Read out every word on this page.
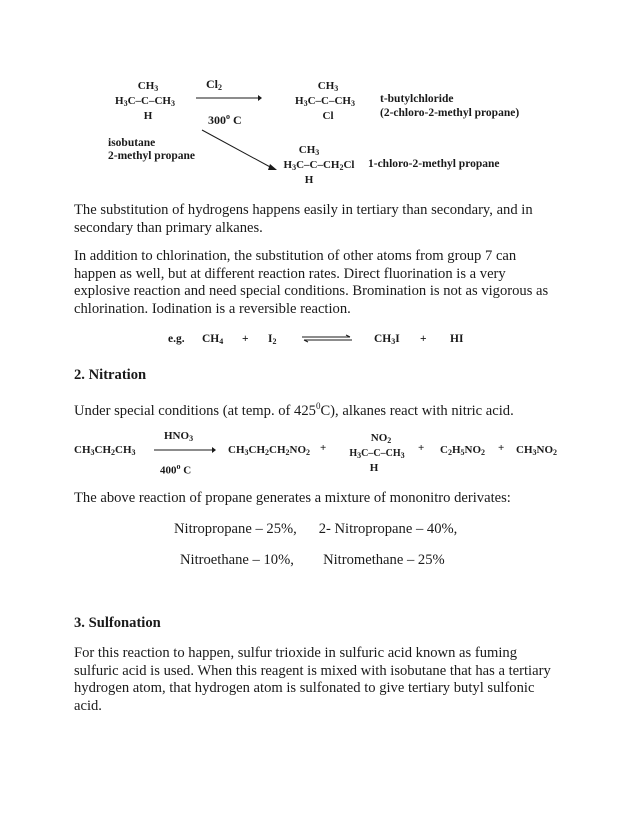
$CH_3$
$H_3C-C-CH_3$
H
isobutane
2-methyl propane
$Cl_2$
300$^o$ C
$CH_3$
$H_3C-C-CH_3$
Cl
t-butylchloride
(2-chloro-2-methyl propane)
$CH_3$
$H_3C-C-CH_2Cl$
H
1-chloro-2-methyl propane
The substitution of hydrogens happens easily in tertiary than secondary, and in secondary than primary alkanes.
In addition to chlorination, the substitution of other atoms from group 7 can happen as well, but at different reaction rates. Direct fluorination is a very explosive reaction and need special conditions. Bromination is not as vigorous as chlorination. Iodination is a reversible reaction.
e.g. $CH_4 + I_2$	$CH_3I$ + HI
2. Nitration
Under special conditions (at temp. of $425^0C$), alkanes react with nitric acid.
$CH_3CH_2CH_3$
$HNO_3$
400$^o$ C
$CH_3CH_2CH_2NO_2$ +
$NO_2$
$H_3C-C-CH_3$
H
+ $C_2H_5NO_2 + CH_3NO_2$
The above reaction of propane generates a mixture of mononitro derivates:
Nitropropane – 25%,      2- Nitropropane – 40%,
Nitroethane – 10%,        Nitromethane – 25%
3. Sulfonation
For this reaction to happen, sulfur trioxide in sulfuric acid known as fuming sulfuric acid is used. When this reagent is mixed with isobutane that has a tertiary hydrogen atom, that hydrogen atom is sulfonated to give tertiary butyl sulfonic acid.
